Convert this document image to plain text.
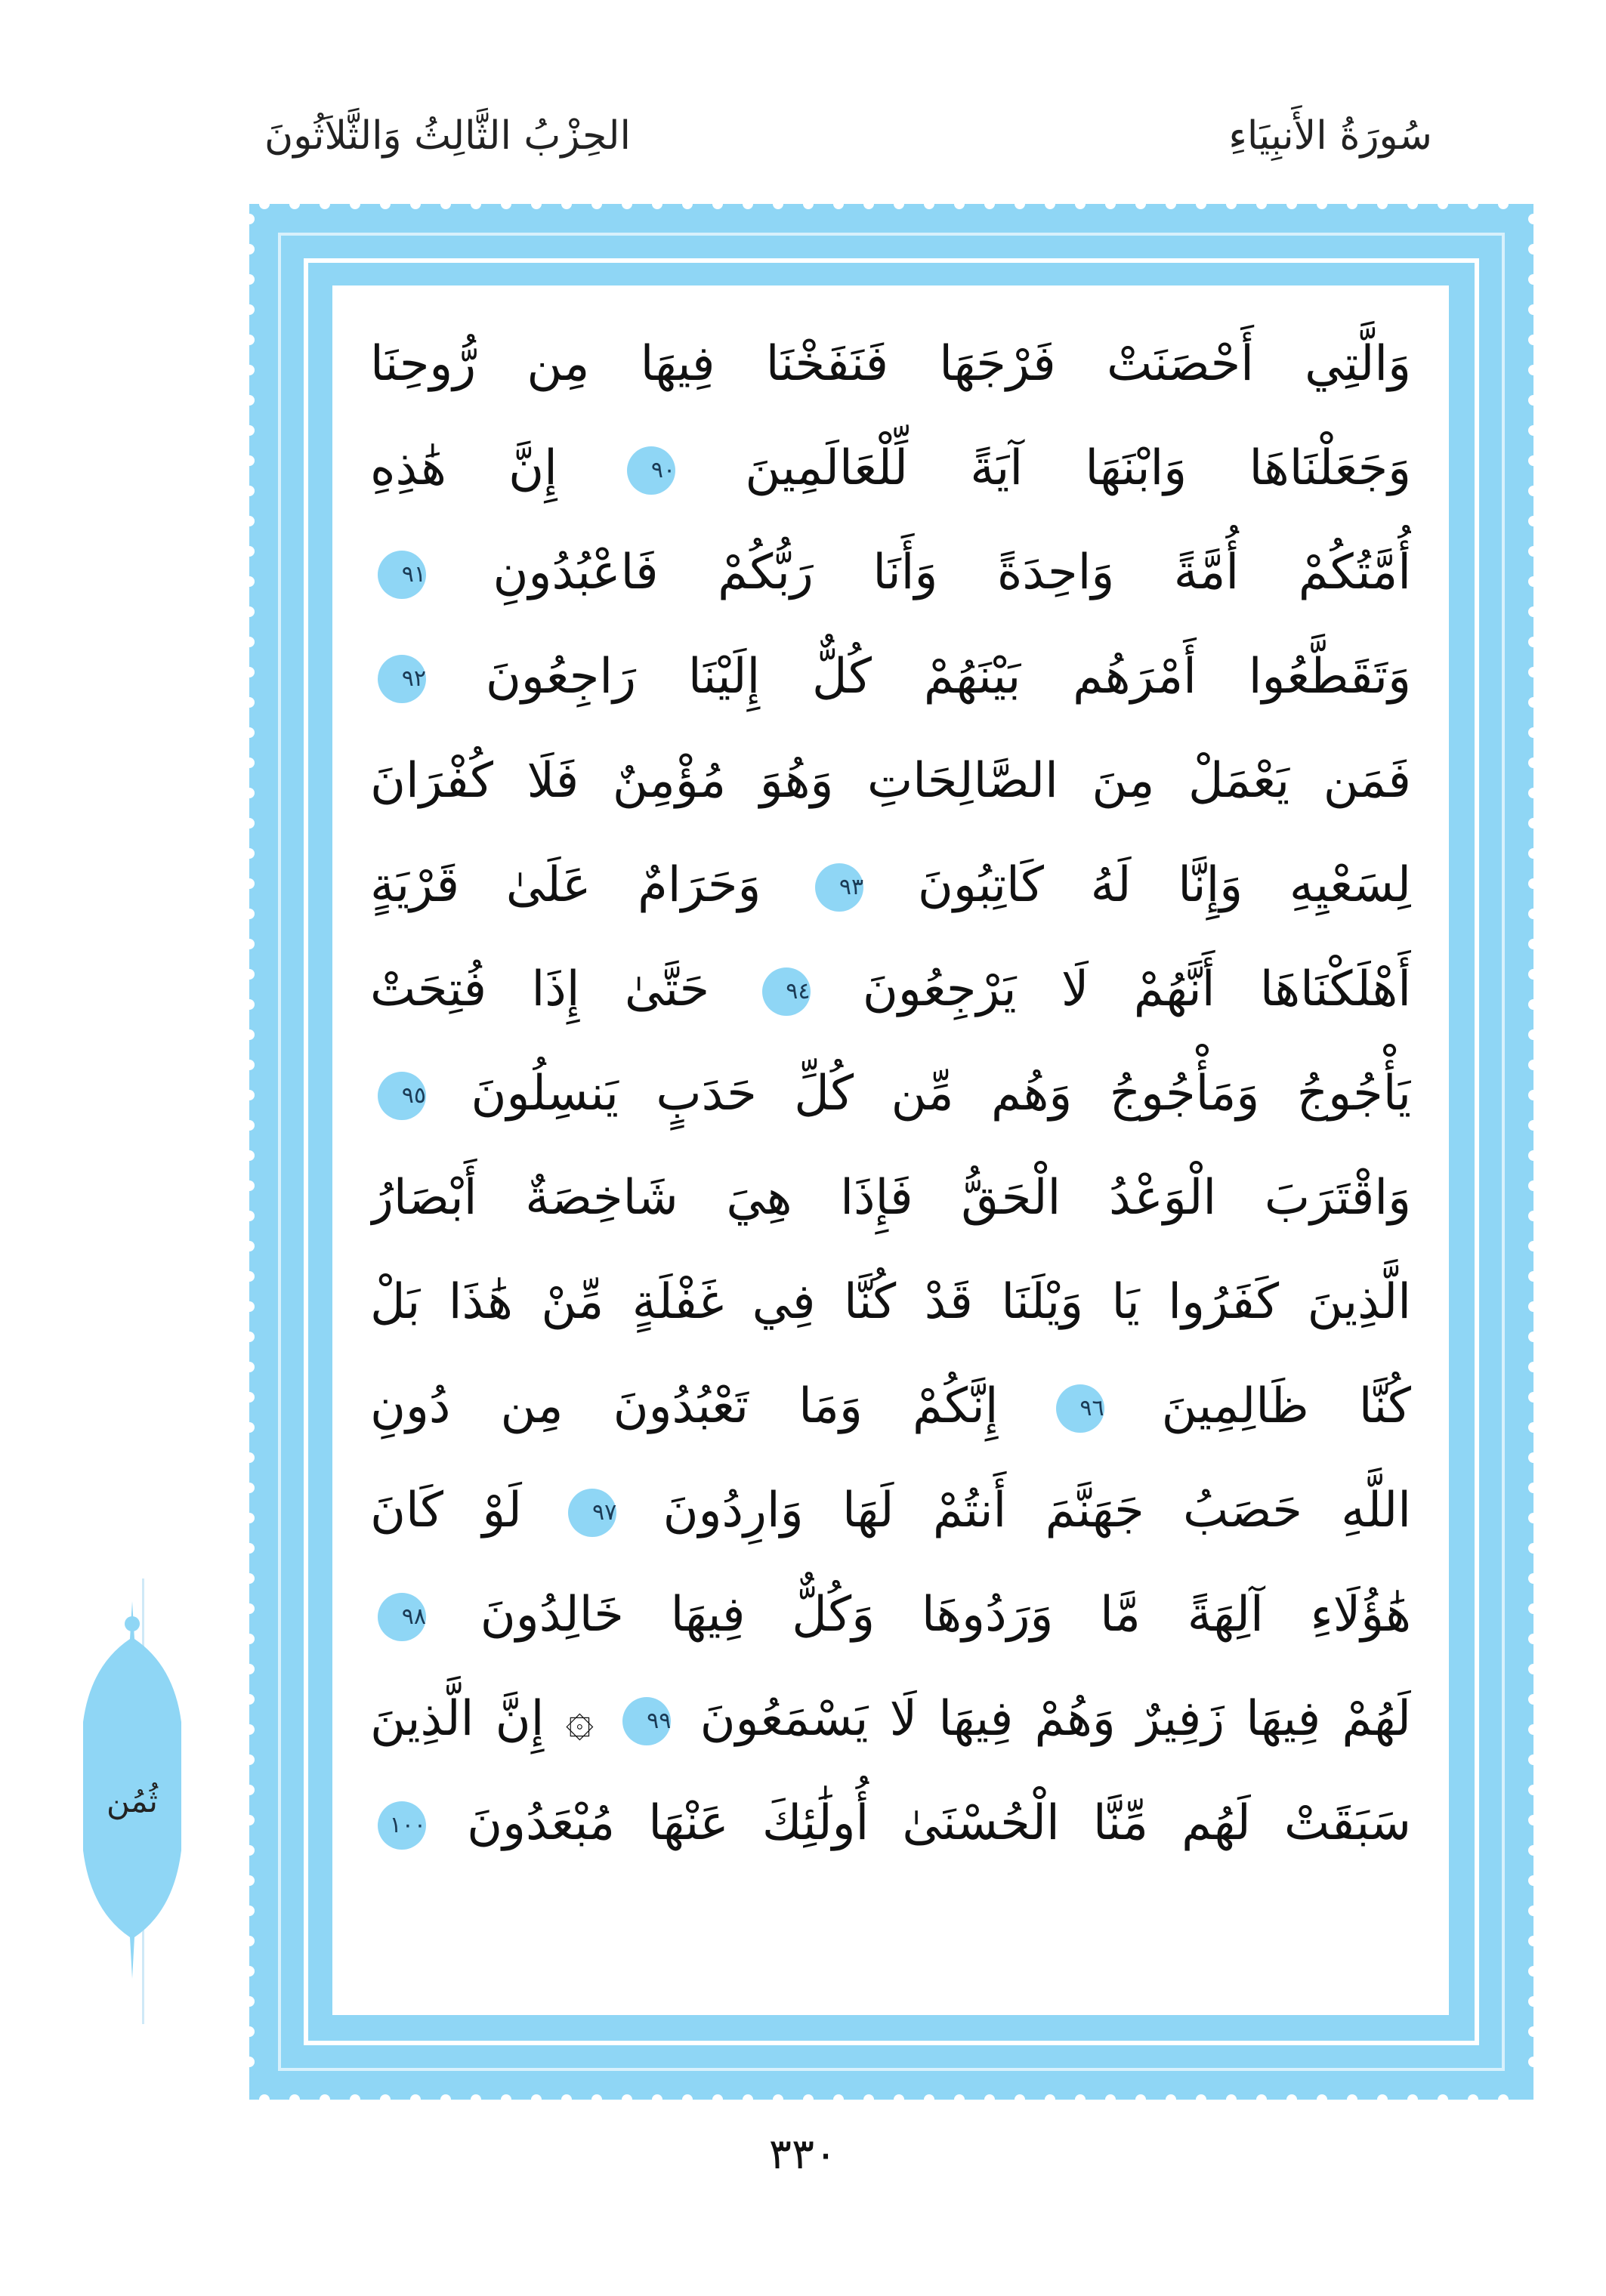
الحِزْبُ الثَّالِثُ وَالثَّلاَثُونَ	سُورَةُ الأَنبِيَاءِ
وَالَّتِي أَحْصَنَتْ فَرْجَهَا فَنَفَخْنَا فِيهَا مِن رُّوحِنَا
وَجَعَلْنَاهَا وَابْنَهَا آيَةً لِّلْعَالَمِينَ ٩٠ إِنَّ هَٰذِهِ
أُمَّتُكُمْ أُمَّةً وَاحِدَةً وَأَنَا رَبُّكُمْ فَاعْبُدُونِ ٩١
وَتَقَطَّعُوا أَمْرَهُم بَيْنَهُمْ كُلٌّ إِلَيْنَا رَاجِعُونَ ٩٢
فَمَن يَعْمَلْ مِنَ الصَّالِحَاتِ وَهُوَ مُؤْمِنٌ فَلَا كُفْرَانَ
لِسَعْيِهِ وَإِنَّا لَهُ كَاتِبُونَ ٩٣ وَحَرَامٌ عَلَىٰ قَرْيَةٍ
أَهْلَكْنَاهَا أَنَّهُمْ لَا يَرْجِعُونَ ٩٤ حَتَّىٰ إِذَا فُتِحَتْ
يَأْجُوجُ وَمَأْجُوجُ وَهُم مِّن كُلِّ حَدَبٍ يَنسِلُونَ ٩٥
وَاقْتَرَبَ الْوَعْدُ الْحَقُّ فَإِذَا هِيَ شَاخِصَةٌ أَبْصَارُ
الَّذِينَ كَفَرُوا يَا وَيْلَنَا قَدْ كُنَّا فِي غَفْلَةٍ مِّنْ هَٰذَا بَلْ
كُنَّا ظَالِمِينَ ٩٦ إِنَّكُمْ وَمَا تَعْبُدُونَ مِن دُونِ
اللَّهِ حَصَبُ جَهَنَّمَ أَنتُمْ لَهَا وَارِدُونَ ٩٧ لَوْ كَانَ
هَٰؤُلَاءِ آلِهَةً مَّا وَرَدُوهَا وَكُلٌّ فِيهَا خَالِدُونَ ٩٨
لَهُمْ فِيهَا زَفِيرٌ وَهُمْ فِيهَا لَا يَسْمَعُونَ ٩٩ ۞ إِنَّ الَّذِينَ
سَبَقَتْ لَهُم مِّنَّا الْحُسْنَىٰ أُولَٰئِكَ عَنْهَا مُبْعَدُونَ ١٠٠
ثُمُن
٣٣٠
